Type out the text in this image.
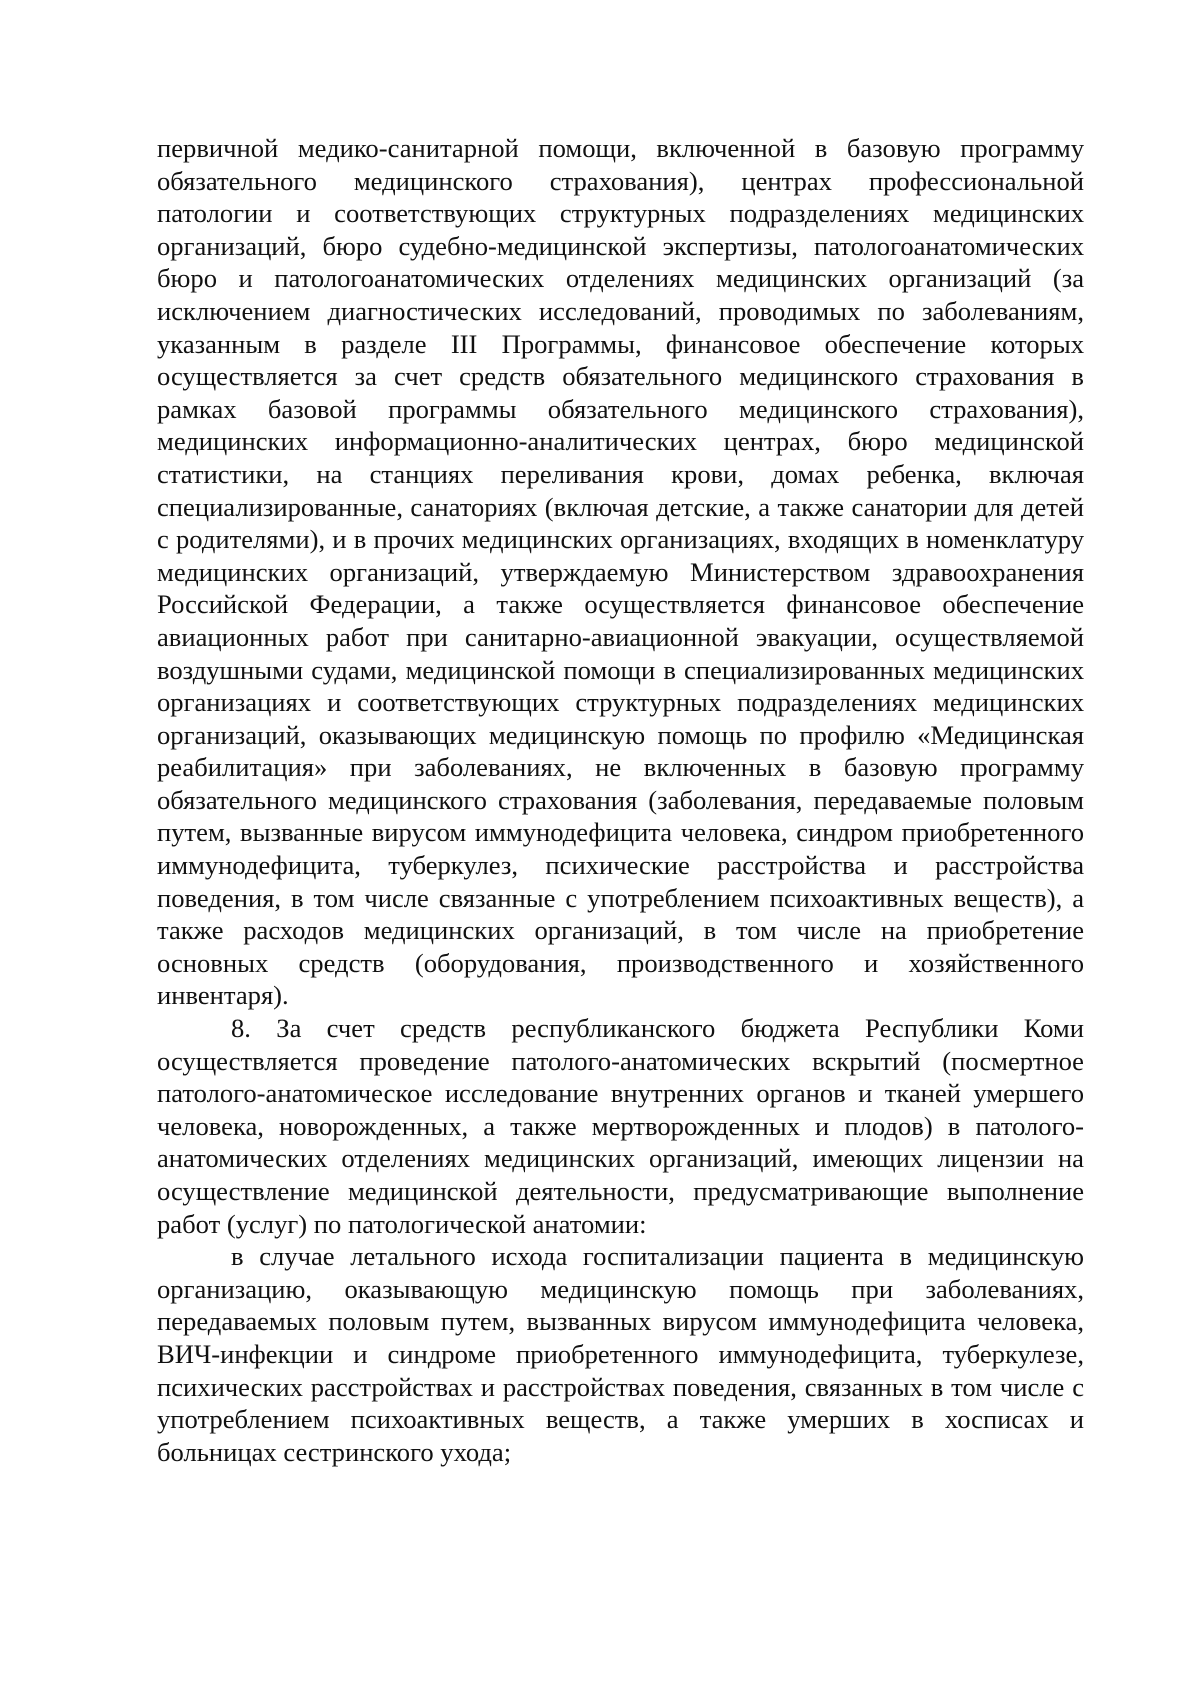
первичной медико-санитарной помощи, включенной в базовую программу обязательного медицинского страхования), центрах профессиональной патологии и соответствующих структурных подразделениях медицинских организаций, бюро судебно-медицинской экспертизы, патологоанатомических бюро и патологоанатомических отделениях медицинских организаций (за исключением диагностических исследований, проводимых по заболеваниям, указанным в разделе III Программы, финансовое обеспечение которых осуществляется за счет средств обязательного медицинского страхования в рамках базовой программы обязательного медицинского страхования), медицинских информационно-аналитических центрах, бюро медицинской статистики, на станциях переливания крови, домах ребенка, включая специализированные, санаториях (включая детские, а также санатории для детей с родителями), и в прочих медицинских организациях, входящих в номенклатуру медицинских организаций, утверждаемую Министерством здравоохранения Российской Федерации, а также осуществляется финансовое обеспечение авиационных работ при санитарно-авиационной эвакуации, осуществляемой воздушными судами, медицинской помощи в специализированных медицинских организациях и соответствующих структурных подразделениях медицинских организаций, оказывающих медицинскую помощь по профилю «Медицинская реабилитация» при заболеваниях, не включенных в базовую программу обязательного медицинского страхования (заболевания, передаваемые половым путем, вызванные вирусом иммунодефицита человека, синдром приобретенного иммунодефицита, туберкулез, психические расстройства и расстройства поведения, в том числе связанные с употреблением психоактивных веществ), а также расходов медицинских организаций, в том числе на приобретение основных средств (оборудования, производственного и хозяйственного инвентаря).

8. За счет средств республиканского бюджета Республики Коми осуществляется проведение патолого-анатомических вскрытий (посмертное патолого-анатомическое исследование внутренних органов и тканей умершего человека, новорожденных, а также мертворожденных и плодов) в патолого-анатомических отделениях медицинских организаций, имеющих лицензии на осуществление медицинской деятельности, предусматривающие выполнение работ (услуг) по патологической анатомии:

в случае летального исхода госпитализации пациента в медицинскую организацию, оказывающую медицинскую помощь при заболеваниях, передаваемых половым путем, вызванных вирусом иммунодефицита человека, ВИЧ-инфекции и синдроме приобретенного иммунодефицита, туберкулезе, психических расстройствах и расстройствах поведения, связанных в том числе с употреблением психоактивных веществ, а также умерших в хосписах и больницах сестринского ухода;
